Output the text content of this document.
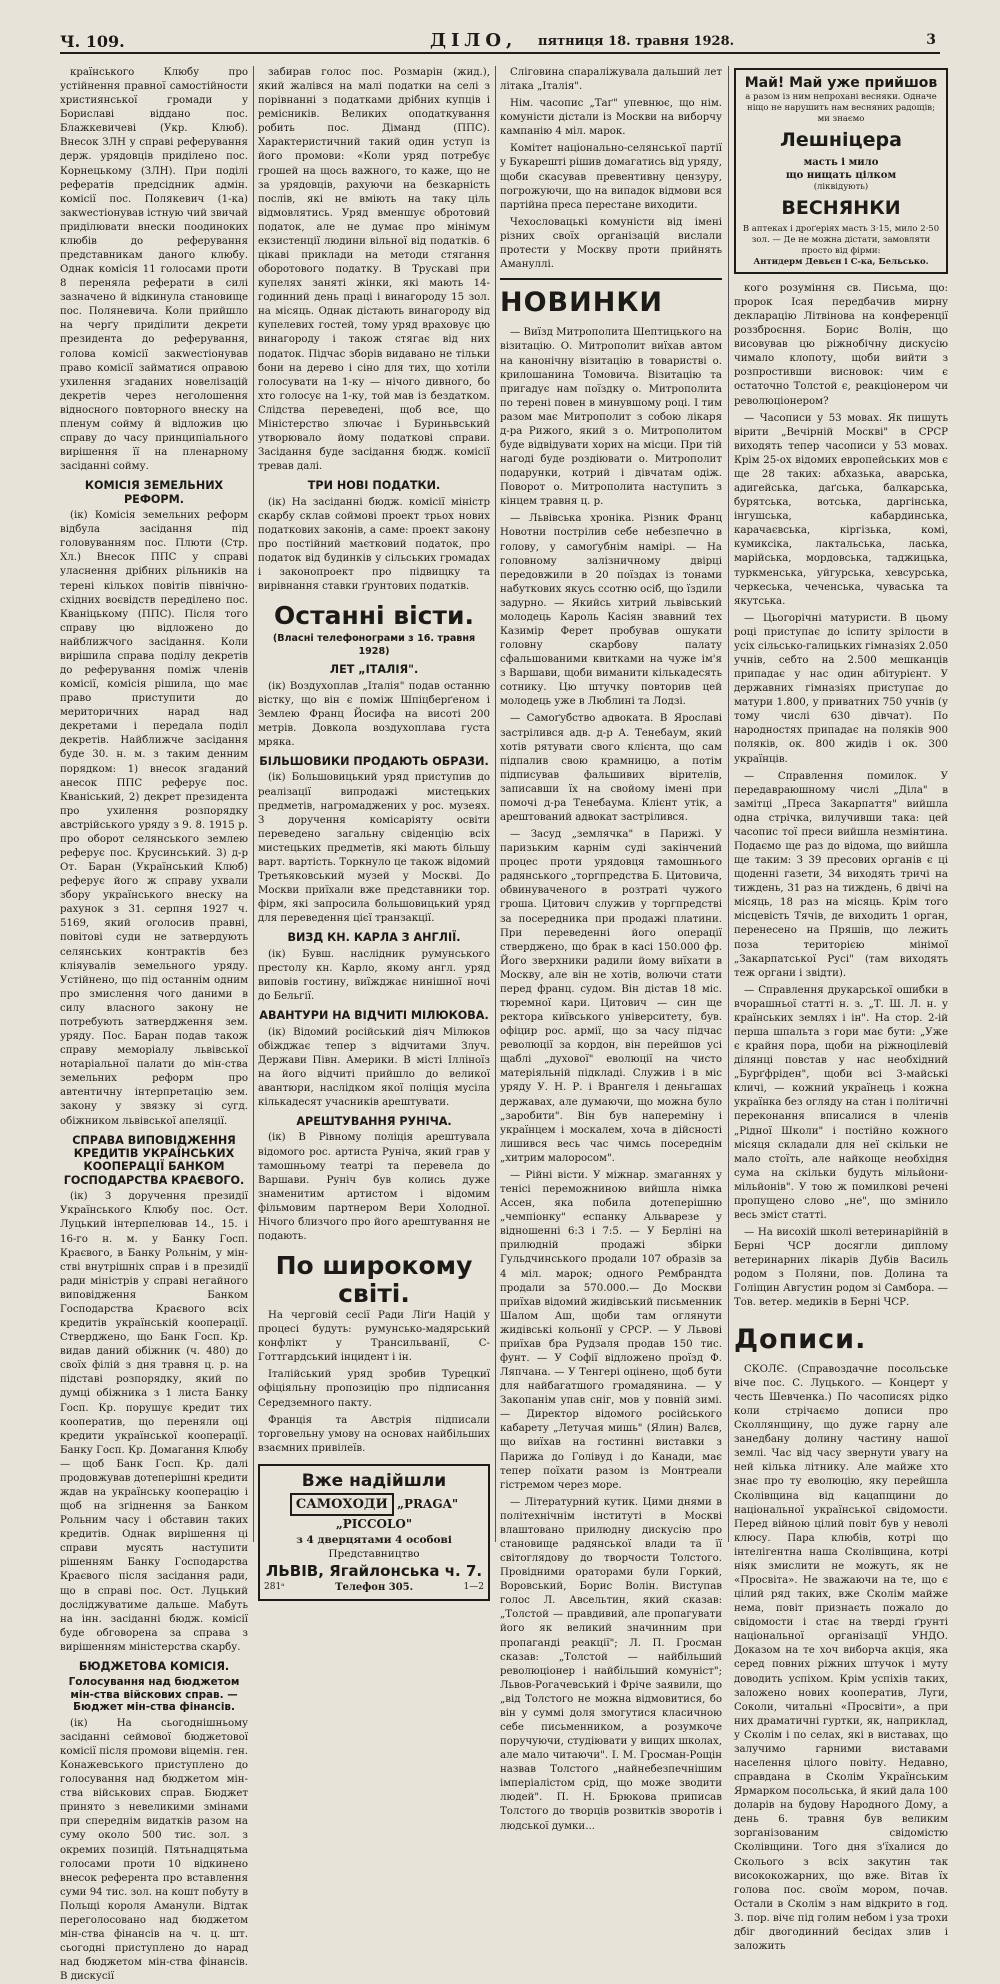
Ч. 109.	ДІЛО, пятниця 18. травня 1928.	3

країнського Клюбу про устійнення правної самостійности християнської громади у Бориславі віддано пос. Блажкевичеві (Укр. Клюб). Внесок ЗЛН у справі реферування держ. урядовців приділено пос. Корнецькому (ЗЛН). При поділі рефератів предсідник адмін. комісії пос. Полякевич (1-ка) закwестіонував істную чий звичай приділювати внески поодиноких клюбів до реферування представникам даного клюбу. Однак комісія 11 голосами проти 8 переняла реферати в силі зазначено й відкинула становище пос. Поляневича. Коли прийшло на черґу приділити декрети президента до реферування, голова комісії закwестіонував право комісії займатися оправою ухилення згаданих новелізацій декретів через неголошення відносного повторного внеску на пленум сойму й відложив цю справу до часу принципіального вирішення її на пленарному засіданні сойму.

КОМІСІЯ ЗЕМЕЛЬНИХ РЕФОРМ.

(ік) Комісія земельних реформ відбула засідання під головуванням пос. Плюти (Стр. Хл.) Внесок ППС у справі уласнення дрібних рільників на терені кількох повітів північно-східних воєвідств переділено пос. Кваніцькому (ППС). Після того справу цю відложено до найближчого засідання. Коли вирішила справа поділу декретів до реферування поміж членів комісії, комісія рішила, що має право приступити до мериторичних нарад над декретами і передала поділ декретів. Найближче засідання буде 30. н. м. з таким денним порядком: 1) внесок згаданий анесок ППС реферує пос. Кваніський, 2) декрет президента про ухилення розпорядку австрійського уряду з 9. 8. 1915 р. про оборот селянського землею реферує пос. Крусинський. 3) д-р От. Баран (Український Клюб) реферує його ж справу ухвали збору українського внеску на рахунок з 31. серпня 1927 ч. 5169, який оголосив правні, повітові суди не затвердують селянських контрактів без кліяувалів земельного уряду. Устійнено, що під останнім одним про змислення чого даними в силу власного закону не потребують затвердження зем. уряду. Пос. Баран подав також справу меморіалу львівської нотаріальної палати до мін-ства земельних реформ про автентичну інтерпретацію зем. закону у звязку зі сугд. обіжником львівської апеляції.

СПРАВА ВИПОВІДЖЕННЯ КРЕДИТІВ УКРАЇНСЬКИХ КООПЕРАЦІЇ БАНКОМ ГОСПОДАРСТВА КРАЄВОГО.

(ік) З доручення президії Українського Клюбу пос. Ост. Луцький інтерпелював 14., 15. і 16-го н. м. у Банку Госп. Краєвого, в Банку Рольнім, у мін-стві внутрішніх справ і в президії ради міністрів у справі негайного виповідження Банком Господарства Краєвого всіх кредитів українській кооперації. Стверджено, що Банк Госп. Кр. видав даний обіжник (ч. 480) до своїх філій з дня травня ц. р. на підставі розпорядку, який по думці обіжника з 1 листа Банку Госп. Кр. порушує кредит тих кооператив, що переняли оці кредити української кооперації. Банку Госп. Кр. Домагання Клюбу — щоб Банк Госп. Кр. далі продовжував дотеперішні кредити ждав на українську кооперацію і щоб на згіднення за Банком Рольним часу і обставин таких кредитів. Однак вирішення ці справи мусять наступити рішенням Банку Господарства Краєвого після засідання ради, що в справі пос. Ост. Луцький досліджуватиме дальше. Мабуть на інн. засіданні бюдж. комісії буде обговорена за справа з вирішенням міністерства скарбу.

БЮДЖЕТОВА КОМІСІЯ.
Голосування над бюджетом мін-ства війскових справ. — Бюджет мін-ства фінансів.

(ік) На сьогоднішньому засіданні сеймової бюджетової комісії після промови віцемін. ген. Конажевського приступлено до голосування над бюджетом мін-ства військових справ. Бюджет принято з невеликими змінами при спереднім видатків разом на суму около 500 тис. зол. з окремих позицій. Пятьнадцятьма голосами проти 10 відкинено внесок референта про вставлення суми 94 тис. зол. на кошт побуту в Польщі короля Аманули. Відтак переголосовано над бюджетом мін-ства фінансів на ч. ц. шт. сьогодні приступлено до нарад над бюджетом мін-ства фінансів. В дискусії

забирав голос пос. Розмарін (жид.), який жалівся на малі податки на селі з порівнанні з податками дрібних купців і ремісників. Великих оподаткування робить пос. Діманд (ППС). Характеристичний такий один уступ із його промови: «Коли уряд потребує грошей на щось важного, то каже, що не за урядовців, рахуючи на безкарність послів, які не вміють на таку ціль відмовлятись. Уряд вменшує обротовий податок, але не думає про мінімум екзистенції людини вільної від податків. 6 цікаві приклади на методи стягання оборотового податку. В Трускаві при купелях заняті жінки, які мають 14-годинний день праці і винагороду 15 зол. на місяць. Однак дістають винагороду від купелевих гостей, тому уряд враховує цю винагороду і також стягає від них податок. Підчас зборів видавано не тільки бони на дерево і сіно для тих, що хотіли голосувати на 1-ку — нічого дивного, бо хто голосує на 1-ку, той мав із бездатком. Слідства переведені, щоб все, що Міністерство злючає і Буриньвський утворювало йому податкові справи. Засідання буде засідання бюдж. комісії тревав далі.

ТРИ НОВІ ПОДАТКИ.

(ік) На засіданні бюдж. комісії міністр скарбу склав соймові проект трьох нових податкових законів, а саме: проект закону про постійний маєтковий податок, про податок від будинків у сільських громадах і законопроект про підвищку та вирівнання ставки ґрунтових податків.

Останні вісти.
(Власні телефонограми з 16. травня 1928)
ЛЕТ „ІТАЛІЯ".

(ік) Воздухоплав „Італія" подав останню вістку, що він є поміж Шпіцберґеном і Землею Франц Йосифа на висоті 200 метрів. Довкола воздухоплава густа мряка.

БІЛЬШОВИКИ ПРОДАЮТЬ ОБРАЗИ.

(ік) Большовицький уряд приступив до реалізації випродажі мистецьких предметів, нагромаджених у рос. музеях. З доручення комісаріяту освіти переведено загальну свіденцію всіх мистецьких предметів, які мають більшу варт. вартість. Торкнуло це також відомий Третьяковський музей у Москві. До Москви приїхали вже представники тор. фірм, які запросила большовицький уряд для переведення цієї транзакції.

ВИЗД КН. КАРЛА З АНГЛІЇ.

(ік) Бувш. наслідник румунського престолу кн. Карло, якому англ. уряд виповів гостину, виїжджає нинішної ночі до Бельгії.

АВАНТУРИ НА ВІДЧИТІ МІЛЮКОВА.

(ік) Відомий російський діяч Мілюков обіжджає тепер з відчитами Злуч. Держави Півн. Америки. В місті Ілліноїз на його відчиті прийшло до великої авантюри, наслідком якої поліція мусіла кількадесят учасників арештувати.

АРЕШТУВАННЯ РУНІЧА.

(ік) В Рівному поліція арештувала відомого рос. артиста Руніча, який грав у тамошньому театрі та перевела до Варшави. Руніч був колись дуже знаменитим артистом і відомим фільмовим партнером Вери Холодної. Нічого близчого про його арештування не подають.

По широкому світі.

На черговій сесії Ради Ліґи Націй у процесі будуть: румунсько-мадярський конфлікт у Трансильванії, С-Готтгардський інцидент і ін.

Італійський уряд зробив Турецкиї офіціяльну пропозицію про підписання Середземного пакту.

Франція та Австрія підписали торговельну умову на основах найбільших взаємних привілеїв.

Вже надійшли
САМОХОДИ „PRAGA" „PICCOLO"
з 4 дверцятами 4 особові
Представництво
ЛЬВІВ, Ягайлонська ч. 7.
281ᵃ	Телефон 305.	1—2

Сліговина спараліжувала дальший лет літака „Італія".

Нім. часопис „Таґ" упевнює, що нім. комуністи дістали із Москви на виборчу кампанію 4 міл. марок.

Комітет національно-селянської партії у Букарешті рішив домагатись від уряду, щоби скасував превентивну цензуру, погрожуючи, що на випадок відмови вся партійна преса перестане виходити.

Чехословацькі комуністи від імені різних своїх організацій вислали протести у Москву проти прийнять Амануллі.

НОВИНКИ

— Виїзд Митрополита Шептицького на візитацію. О. Митрополит виїхав автом на канонічну візитацію в товаристві о. крилошанина Томовича. Візитацію та пригадує нам поїздку о. Митрополита по терені повен в минувшому році. І тим разом має Митрополит з собою лікаря д-ра Рижого, який з о. Митрополитом буде відвідувати хорих на місци. При тій нагоді буде роздіювати о. Митрополит подарунки, котрий і дівчатам одіж. Поворот о. Митрополита наступить з кінцем травня ц. р.

— Львівська хроніка. Різник Франц Новотни пострілив себе небезпечно в голову, у самоґубнім намірі. — На головному залізничному двірці передовжили в 20 поїздах із тонами набуткових якусь ссотню осіб, що їздили задурно. — Якийсь хитрий львівський молодець Кароль Касіян звавний тех Казимір Ферет пробував ошукати головну скарбову палату сфальшованими квитками на чуже ім'я з Варшави, щоби виманити кількадесять сотнику. Цю штучку повторив цей молодець уже в Люблині та Лодзі.

— Самоґубство адвоката. В Ярославі застрілився адв. д-р А. Тенебаум, який хотів рятувати свого клієнта, що сам підпалив свою крамницю, а потім підписував фальшивих вірителів, записавши їх на свойому імені при помочі д-ра Тенебаума. Клієнт утік, а арештований адвокат застрілився.

— Засуд „землячка" в Парижі. У паризьким карнім суді закінчений процес проти урядовця тамошнього радянського „торгпредства Б. Цитовича, обвинуваченого в розтраті чужого гроша. Цитович служив у торгпредстві за посередника при продажі платини. При переведенні його операції стверджено, що брак в касі 150.000 фр. Його зверхники радили йому виїхати в Москву, але він не хотів, волючи стати перед франц. судом. Він дістав 18 міс. тюремної кари. Цитович — син ще ректора київського університету, був. офіцир рос. армії, що за часу підчас революції за кордон, він перейшов усі щаблі „духової" еволюції на чисто матеріяльній підкладі. Служив і в міс уряду У. Н. Р. і Врангеля і деньгашах державах, але думаючи, що можна було „заробити". Він був напереміну і українцем і москалем, хоча в дійсності лишився весь час чимсь посереднім „хитрим малоросом".

— Рійні вісти. У міжнар. змаганнях у тенісі переможниною вийшла німка Ассен, яка побила дотеперішню „чемпіонку" еспанку Альварезе у відношенні 6:3 і 7:5. — У Берліні на прилюдній продажі збірки Гульдчинського продали 107 образів за 4 міл. марок; одного Рембрандта продали за 570.000.— До Москви приїхав відомий жидівський письменник Шалом Аш, щоби там оглянути жидівські кольонії у СРСР. — У Львові приїхав бра Рудзаля продав 150 тис. фунт. — У Софії відложено проїзд Ф. Ляпчана. — У Тенгері оцінено, щоб бути для найбагатшого громадянина. — У Закопанім упав сніг, мов у повній зимі. — Директор відомого російського кабарету „Летучая мишь" (Ялин) Валєв, що виїхав на гостинні виставки з Парижа до Голівуд і до Канади, має тепер поїхати разом із Монтреали гістремом через море.

— Літературний кутик. Цими днями в політехнічнім інституті в Москві влаштовано прилюдну дискусію про становище радянської влади та її світоглядову до творчости Толстого. Провідними ораторами були Горкий, Воровський, Борис Волін. Виступав голос Л. Авсельтин, який сказав: „Толстой — правдивий, але пропагувати його як великий значинним при пропаганді реакції"; Л. П. Гросман сказав: „Толстой — найбільший революціонер і найбільший комуніст"; Львов-Рогачевський і Фріче заявили, що „від Толстого не можна відмовитися, бо він у суммі доля змогутися класичною себе письменником, а розумкоче поручуючи, студіювати у вищих школах, але мало читаючи". І. М. Гросман-Рощін назвав Толстого „найнебезпечнішим імперіалістом срід, що може зводити людей". П. Н. Брюкова приписав Толстого до творців розвитків зворотів і людської думки...

Май! Май уже прийшов
а разом із ним непрохані весняки. Одначе ніщо не нарушить нам весняних радощів; ми знаємо
Лешніцера
масть і мило
що нищать цілком
(ліквідують)
ВЕСНЯНКИ
В аптеках і дроґеріях масть 3·15, мило 2·50 зол. — Де не можна дістати, замовляти просто від фірми:
Антидерм Девьєн і С-ка, Бельсько.

кого розуміння св. Письма, що: пророк Ісая передбачив мирну декларацію Літвінова на конференції роззброєння. Борис Волін, що висовував цю ріжнобічну дискусію чимало клопоту, щоби вийти з розпростивши висновок: чим є остаточно Толстой є, реакціонером чи революціонером?

— Часописи у 53 мовах. Як пишуть вірити „Вечірній Москві" в СРСР виходять тепер часописи у 53 мовах. Крім 25-ох відомих европейських мов є ще 28 таких: абхазька, аварська, адигейська, даґська, балкарська, бурятська, вотська, даргінська, інгушська, кабардинська, карачаєвська, кіргізька, комі, кумиксіка, лактальська, ласька, марійська, мордовська, таджицька, туркменська, уйгурська, хевсурська, черкеська, чеченська, чуваська та якутська.

— Цьогорічні матуристи. В цьому році приступає до іспиту зрілости в усіх сільсько-галицьких гімназіях 2.050 учнів, себто на 2.500 мешканців припадає у нас один абітурієнт. У державних гімназіях приступає до матури 1.800, у приватних 750 учнів (у тому числі 630 дівчат). По народностях припадає на поляків 900 поляків, ок. 800 жидів і ок. 300 українців.

— Справлення помилок. У передавраюшному числі „Діла" в замітці „Преса Закарпаття" вийшла одна стрічка, вилучивши така: цей часопис тої преси вийшла незмінтина. Подаємо ще раз до відома, що вийшла ще таким: З 39 пресових органів є ці щоденні газети, 34 виходять тричі на тиждень, 31 раз на тиждень, 6 двічі на місяць, 18 раз на місяць. Крім того місцевість Тячів, де виходить 1 орган, перенесено на Пряшів, що лежить поза територією мінімої „Закарпатської Русі" (там виходять теж органи і звідти).

— Справлення друкарської ошибки в вчорашньої статті н. з. „Т. Ш. Л. н. у країнських землях і ін". На стор. 2-ій перша шпальта з гори має бути: „Уже є крайня пора, щоби на ріжноцілевій ділянці повстав у нас необхідний „Бурґфріден", щоби всі 3-майські кличі, — кожний українець і кожна українка без огляду на стан і політичні переконання вписалися в членів „Рідної Школи" і постійно кожного місяця складали для неї скільки не мало стоїть, але найкоще необхідня сума на скільки будуть мільйони-мільйонів". У тою ж помилкові речені пропущено слово „не", що змінило весь зміст статті.

— На висохій школі ветеринарійній в Берні ЧСР досягли диплому ветеринарних лікарів Дубів Василь родом з Поляни, пов. Долина та Голіщин Августин родом зі Самбора. — Тов. ветер. медиків в Берні ЧСР.

Дописи.

СКОЛЄ. (Справоздачне посольське віче пос. С. Луцького. — Концерт у честь Шевченка.) По часописях рідко коли стрічаємо дописи про Сколлянщину, що дуже гарну але занедбану долину частину нашої землі. Час від часу звернути увагу на ней кілька літнику. Але майже хто знає про ту еволюцію, яку перейшла Сколівщина від кацапщини до національної української свідомости. Перед війною цілий повіт був у неволі клюсу. Пара клюбів, котрі що інтелігентна наша Сколівщина, котрі ніяк змислити не можуть, як не «Просвіта». Не зважаючи на те, що є цілий ряд таких, вже Сколім майже нема, повіт признаєть пожало до свідомости і стає на тверді ґрунті національної організації УНДО. Доказом на те хоч виборча акція, яка серед повних ріжних штучок і муту доводить успіхом. Крім успіхів таких, заложено нових кооператив, Луги, Соколи, читальні «Просвіти», а при них драматичні гуртки, як, наприклад, у Сколім і по селах, які в виставах, що залучимо гарними виставами населення цілого повіту. Недавно, справдана в Сколім Українським Ярмарком посольська, й який дала 100 доларів на будову Народного Дому, а день 6. травня був великим зорганізованим свідомістю Сколівщини. Того дня з'їхалися до Сколього з всіх закутин так висококожарних, що вже. Вітав їх голова пос. своїм мором, почав. Остали в Сколім з нам відкрито в год. 3. пор. вічє під голим небом і уза трохи дбіг двогодинний бесідах злив і заложить
